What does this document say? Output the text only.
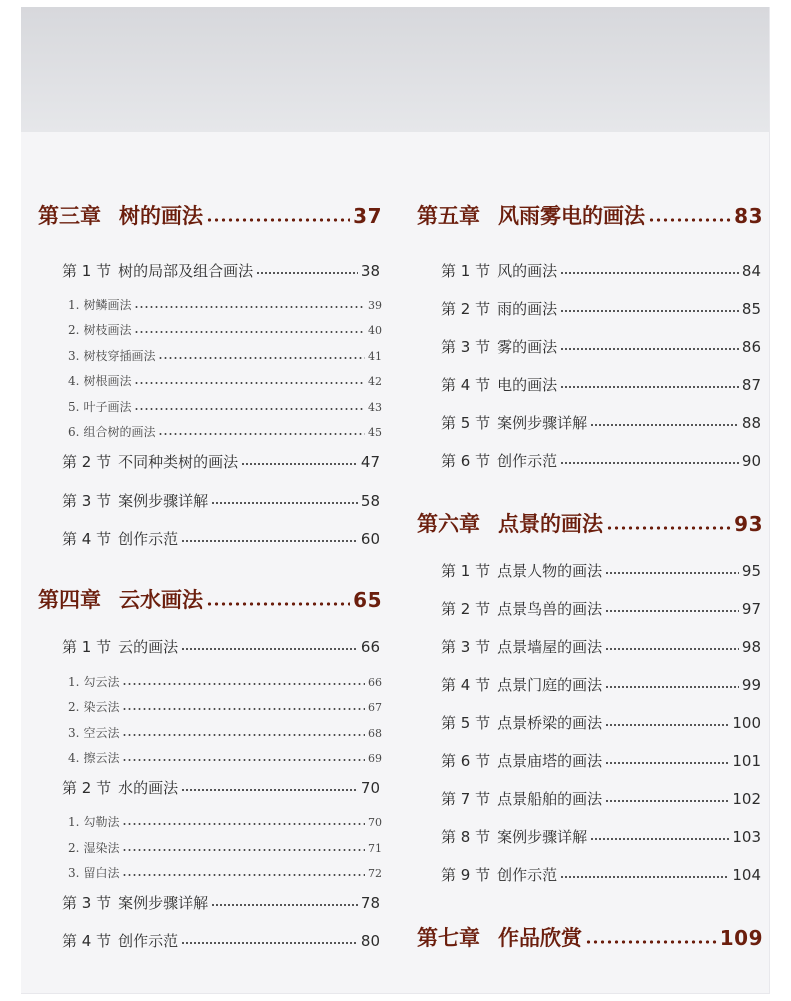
第三章 树的画法	37
第 1 节 树的局部及组合画法	38
1. 树鳞画法	39
2. 树枝画法	40
3. 树枝穿插画法	41
4. 树根画法	42
5. 叶子画法	43
6. 组合树的画法	45
第 2 节 不同种类树的画法	47
第 3 节 案例步骤详解	58
第 4 节 创作示范	60
第四章 云水画法	65
第 1 节 云的画法	66
1. 勾云法	66
2. 染云法	67
3. 空云法	68
4. 擦云法	69
第 2 节 水的画法	70
1. 勾勒法	70
2. 湿染法	71
3. 留白法	72
第 3 节 案例步骤详解	78
第 4 节 创作示范	80
第五章 风雨雾电的画法	83
第 1 节 风的画法	84
第 2 节 雨的画法	85
第 3 节 雾的画法	86
第 4 节 电的画法	87
第 5 节 案例步骤详解	88
第 6 节 创作示范	90
第六章 点景的画法	93
第 1 节 点景人物的画法	95
第 2 节 点景鸟兽的画法	97
第 3 节 点景墙屋的画法	98
第 4 节 点景门庭的画法	99
第 5 节 点景桥梁的画法	100
第 6 节 点景庙塔的画法	101
第 7 节 点景船舶的画法	102
第 8 节 案例步骤详解	103
第 9 节 创作示范	104
第七章 作品欣赏	109
